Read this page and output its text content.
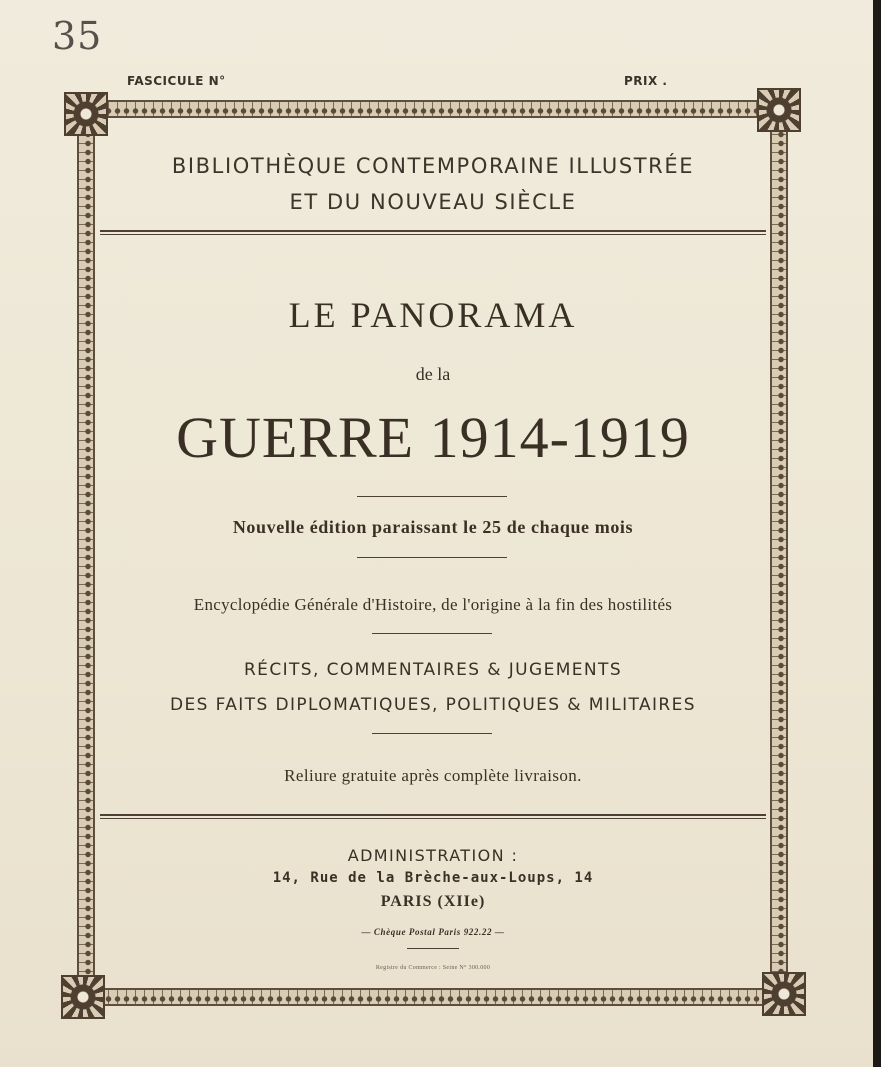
35
FASCICULE N°	PRIX .
BIBLIOTHÈQUE CONTEMPORAINE ILLUSTRÉE
ET DU NOUVEAU SIÈCLE
LE PANORAMA
de la
GUERRE 1914-1919
Nouvelle édition paraissant le 25 de chaque mois
Encyclopédie Générale d'Histoire, de l'origine à la fin des hostilités
RÉCITS, COMMENTAIRES & JUGEMENTS
DES FAITS DIPLOMATIQUES, POLITIQUES & MILITAIRES
Reliure gratuite après complète livraison.
ADMINISTRATION :
14, Rue de la Brèche-aux-Loups, 14
PARIS (XIIe)
— Chèque Postal Paris 922.22 —
Registre du Commerce : Seine N° 300.000
